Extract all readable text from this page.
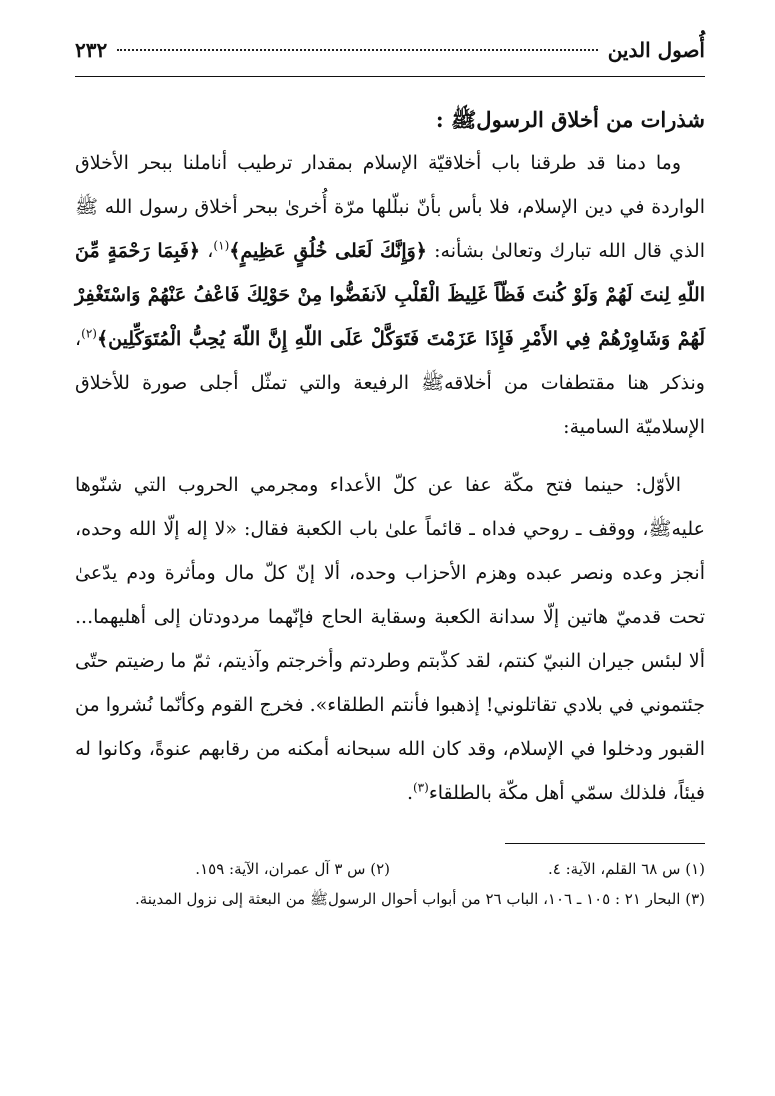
أُصول الدين
٢٣٢
شذرات من أخلاق الرسولﷺ :

وما دمنا قد طرقنا باب أخلاقيّة الإسلام بمقدار ترطيب أناملنا ببحر الأخلاق الواردة في دين الإسلام، فلا بأس بأنّ نبلّلها مرّة أُخرىٰ ببحر أخلاق رسول الله ﷺ الذي قال الله تبارك وتعالىٰ بشأنه: ﴿وَإِنَّكَ لَعَلى خُلُقٍ عَظِيمٍ﴾$^{(١)}$، ﴿فَبِمَا رَحْمَةٍ مِّنَ اللّهِ لِنتَ لَهُمْ وَلَوْ كُنتَ فَظّاً غَلِيظَ الْقَلْبِ لاَنفَضُّوا مِنْ حَوْلِكَ فَاعْفُ عَنْهُمْ وَاسْتَغْفِرْ لَهُمْ وَشَاوِرْهُمْ فِي الأَمْرِ فَإِذَا عَزَمْتَ فَتَوَكَّلْ عَلَى اللّهِ إِنَّ اللّهَ يُحِبُّ الْمُتَوَكِّلِين﴾$^{(٢)}$، ونذكر هنا مقتطفات من أخلاقهﷺ الرفيعة والتي تمثّل أجلى صورة للأخلاق الإسلاميّة السامية:

الأوّل: حينما فتح مكّة عفا عن كلّ الأعداء ومجرمي الحروب التي شنّوها عليهﷺ، ووقف ـ روحي فداه ـ قائماً علىٰ باب الكعبة فقال: «لا إله إلّا الله وحده، أنجز وعده ونصر عبده وهزم الأحزاب وحده، ألا إنّ كلّ مال ومأثرة ودم يدّعىٰ تحت قدميّ هاتين إلّا سدانة الكعبة وسقاية الحاج فإنّهما مردودتان إلى أهليهما... ألا لبئس جيران النبيّ كنتم، لقد كذّبتم وطردتم وأخرجتم وآذيتم، ثمّ ما رضيتم حتّى جئتموني في بلادي تقاتلوني! إذهبوا فأنتم الطلقاء». فخرج القوم وكأنّما نُشروا من القبور ودخلوا في الإسلام، وقد كان الله سبحانه أمكنه من رقابهم عنوةً، وكانوا له فيئاً، فلذلك سمّي أهل مكّة بالطلقاء$^{(٣)}$.

(١) س ٦٨ القلم، الآية: ٤.
(٢) س ٣ آل عمران، الآية: ١٥٩.
(٣) البحار ٢١ : ١٠٥ ـ ١٠٦، الباب ٢٦ من أبواب أحوال الرسولﷺ من البعثة إلى نزول المدينة.
